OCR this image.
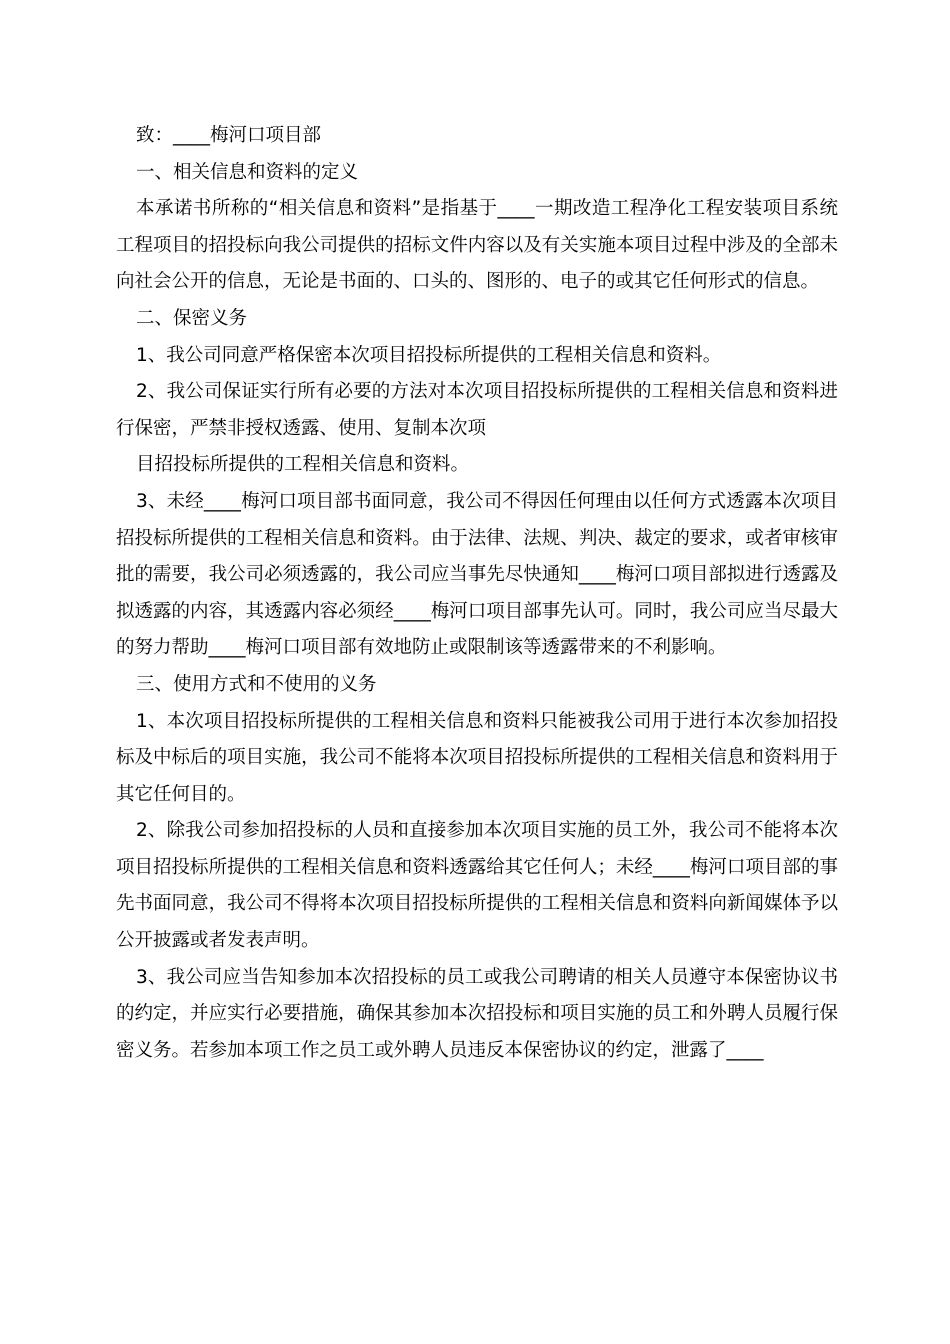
致：____梅河口项目部

一、相关信息和资料的定义

本承诺书所称的“相关信息和资料”是指基于____一期改造工程净化工程安装项目系统工程项目的招投标向我公司提供的招标文件内容以及有关实施本项目过程中涉及的全部未向社会公开的信息，无论是书面的、口头的、图形的、电子的或其它任何形式的信息。

二、保密义务

1、我公司同意严格保密本次项目招投标所提供的工程相关信息和资料。

2、我公司保证实行所有必要的方法对本次项目招投标所提供的工程相关信息和资料进行保密，严禁非授权透露、使用、复制本次项

目招投标所提供的工程相关信息和资料。

3、未经____梅河口项目部书面同意，我公司不得因任何理由以任何方式透露本次项目招投标所提供的工程相关信息和资料。由于法律、法规、判决、裁定的要求，或者审核审批的需要，我公司必须透露的，我公司应当事先尽快通知____梅河口项目部拟进行透露及拟透露的内容，其透露内容必须经____梅河口项目部事先认可。同时，我公司应当尽最大的努力帮助____梅河口项目部有效地防止或限制该等透露带来的不利影响。

三、使用方式和不使用的义务

1、本次项目招投标所提供的工程相关信息和资料只能被我公司用于进行本次参加招投标及中标后的项目实施，我公司不能将本次项目招投标所提供的工程相关信息和资料用于其它任何目的。

2、除我公司参加招投标的人员和直接参加本次项目实施的员工外，我公司不能将本次项目招投标所提供的工程相关信息和资料透露给其它任何人；未经____梅河口项目部的事先书面同意，我公司不得将本次项目招投标所提供的工程相关信息和资料向新闻媒体予以公开披露或者发表声明。

3、我公司应当告知参加本次招投标的员工或我公司聘请的相关人员遵守本保密协议书的约定，并应实行必要措施，确保其参加本次招投标和项目实施的员工和外聘人员履行保密义务。若参加本项工作之员工或外聘人员违反本保密协议的约定，泄露了____
